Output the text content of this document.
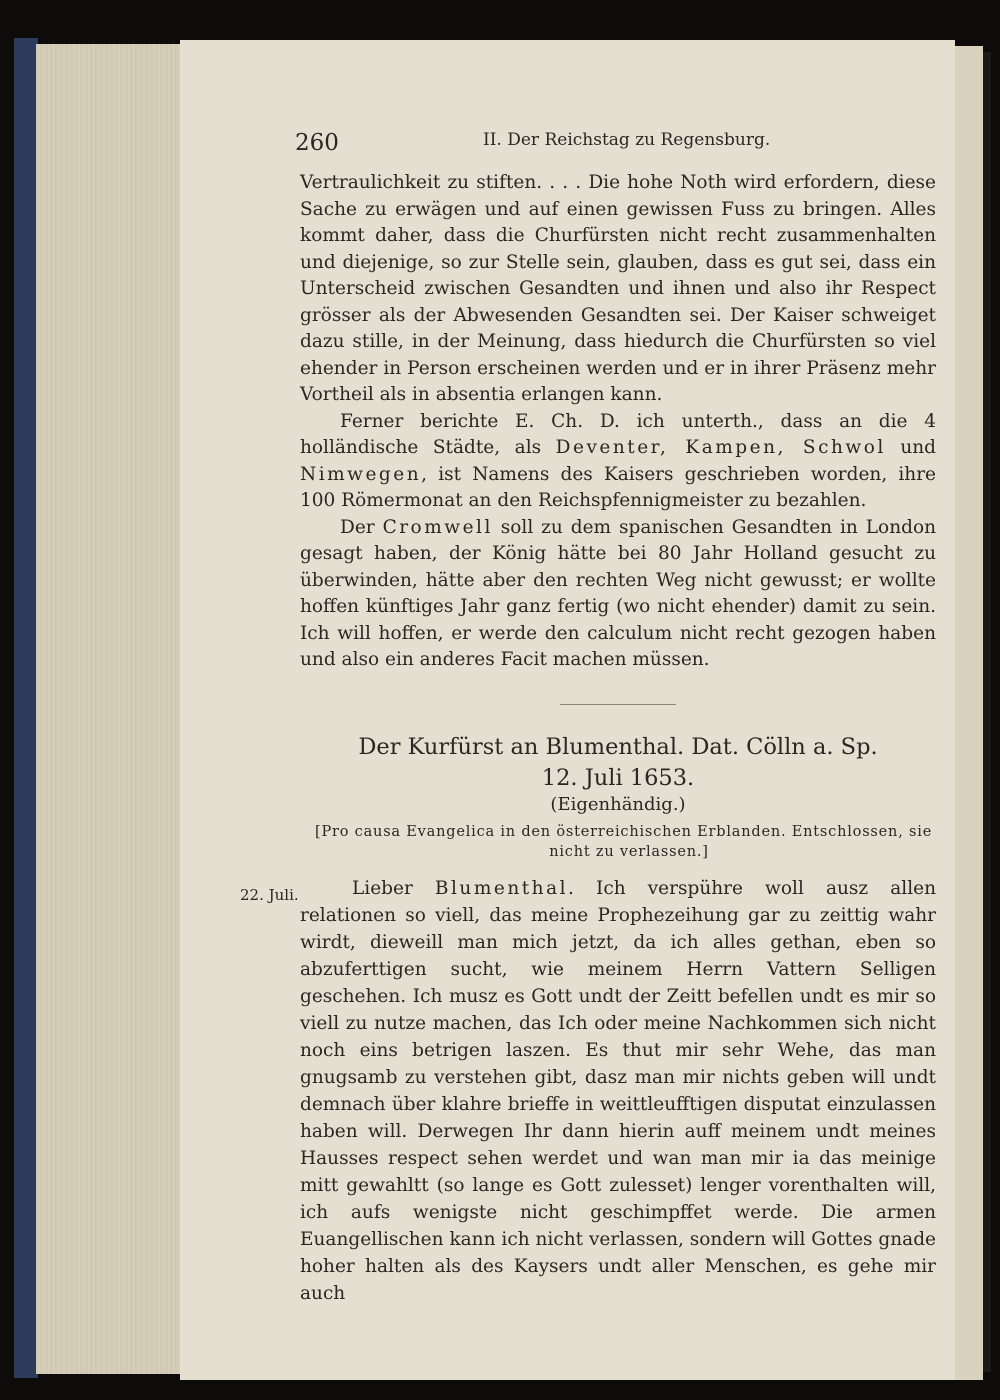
260	II. Der Reichstag zu Regensburg.

Vertraulichkeit zu stiften. . . . Die hohe Noth wird erfordern, diese Sache zu erwägen und auf einen gewissen Fuss zu bringen. Alles kommt daher, dass die Churfürsten nicht recht zusammenhalten und diejenige, so zur Stelle sein, glauben, dass es gut sei, dass ein Unterscheid zwischen Gesandten und ihnen und also ihr Respect grösser als der Abwesenden Gesandten sei. Der Kaiser schweiget dazu stille, in der Meinung, dass hiedurch die Churfürsten so viel ehender in Person erscheinen werden und er in ihrer Präsenz mehr Vortheil als in absentia erlangen kann.

Ferner berichte E. Ch. D. ich unterth., dass an die 4 holländische Städte, als Deventer, Kampen, Schwol und Nimwegen, ist Namens des Kaisers geschrieben worden, ihre 100 Römermonat an den Reichspfennigmeister zu bezahlen.

Der Cromwell soll zu dem spanischen Gesandten in London gesagt haben, der König hätte bei 80 Jahr Holland gesucht zu überwinden, hätte aber den rechten Weg nicht gewusst; er wollte hoffen künftiges Jahr ganz fertig (wo nicht ehender) damit zu sein. Ich will hoffen, er werde den calculum nicht recht gezogen haben und also ein anderes Facit machen müssen.

Der Kurfürst an Blumenthal. Dat. Cölln a. Sp.
12. Juli 1653.
(Eigenhändig.)
[Pro causa Evangelica in den österreichischen Erblanden. Entschlossen, sie
nicht zu verlassen.]
22. Juli.	Lieber Blumenthal. Ich verspühre woll ausz allen relationen so viell, das meine Prophezeihung gar zu zeittig wahr wirdt, dieweill man mich jetzt, da ich alles gethan, eben so abzuferttigen sucht, wie meinem Herrn Vattern Selligen geschehen. Ich musz es Gott undt der Zeitt befellen undt es mir so viell zu nutze machen, das Ich oder meine Nachkommen sich nicht noch eins betrigen laszen. Es thut mir sehr Wehe, das man gnugsamb zu verstehen gibt, dasz man mir nichts geben will undt demnach über klahre brieffe in weittleufftigen disputat einzulassen haben will. Derwegen Ihr dann hierin auff meinem undt meines Hausses respect sehen werdet und wan man mir ia das meinige mitt gewahltt (so lange es Gott zulesset) lenger vorenthalten will, ich aufs wenigste nicht geschimpffet werde. Die armen Euangellischen kann ich nicht verlassen, sondern will Gottes gnade hoher halten als des Kaysers undt aller Menschen, es gehe mir auch
